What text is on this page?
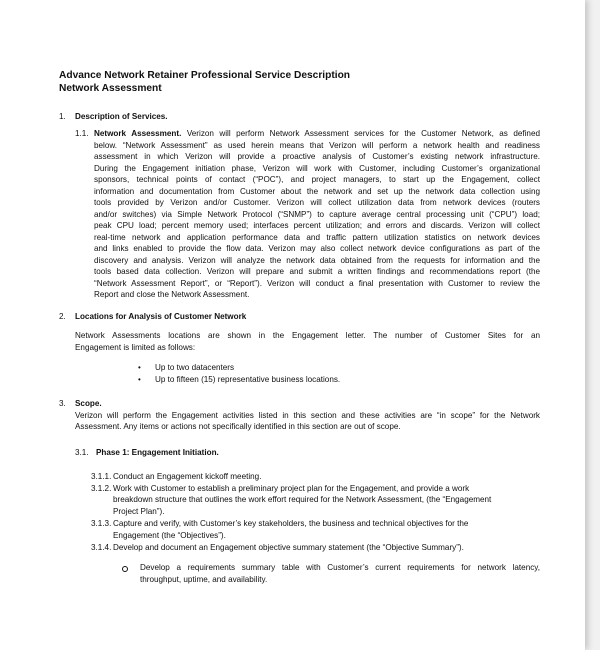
Advance Network Retainer Professional Service Description
Network Assessment
1. Description of Services.
1.1. Network Assessment. Verizon will perform Network Assessment services for the Customer Network, as defined
below. “Network Assessment” as used herein means that Verizon will perform a network health and readiness
assessment in which Verizon will provide a proactive analysis of Customer’s existing network infrastructure.
During the Engagement initiation phase, Verizon will work with Customer, including Customer’s organizational
sponsors, technical points of contact (“POC”), and project managers, to start up the Engagement, collect
information and documentation from Customer about the network and set up the network data collection using
tools provided by Verizon and/or Customer. Verizon will collect utilization data from network devices (routers
and/or switches) via Simple Network Protocol (“SNMP”) to capture average central processing unit (“CPU”) load;
peak CPU load; percent memory used; interfaces percent utilization; and errors and discards. Verizon will collect
real-time network and application performance data and traffic pattern utilization statistics on network devices
and links enabled to provide the flow data. Verizon may also collect network device configurations as part of the
discovery and analysis. Verizon will analyze the network data obtained from the requests for information and the
tools based data collection. Verizon will prepare and submit a written findings and recommendations report (the
“Network Assessment Report”, or “Report”). Verizon will conduct a final presentation with Customer to review the
Report and close the Network Assessment.
2. Locations for Analysis of Customer Network
Network Assessments locations are shown in the Engagement letter. The number of Customer Sites for an
Engagement is limited as follows:
• Up to two datacenters
• Up to fifteen (15) representative business locations.
3. Scope.
Verizon will perform the Engagement activities listed in this section and these activities are “in scope” for the Network
Assessment. Any items or actions not specifically identified in this section are out of scope.
3.1. Phase 1: Engagement Initiation.
3.1.1. Conduct an Engagement kickoff meeting.
3.1.2. Work with Customer to establish a preliminary project plan for the Engagement, and provide a work
breakdown structure that outlines the work effort required for the Network Assessment, (the “Engagement
Project Plan”).
3.1.3. Capture and verify, with Customer’s key stakeholders, the business and technical objectives for the
Engagement (the “Objectives”).
3.1.4. Develop and document an Engagement objective summary statement (the “Objective Summary”).
Develop a requirements summary table with Customer’s current requirements for network latency,
throughput, uptime, and availability.
